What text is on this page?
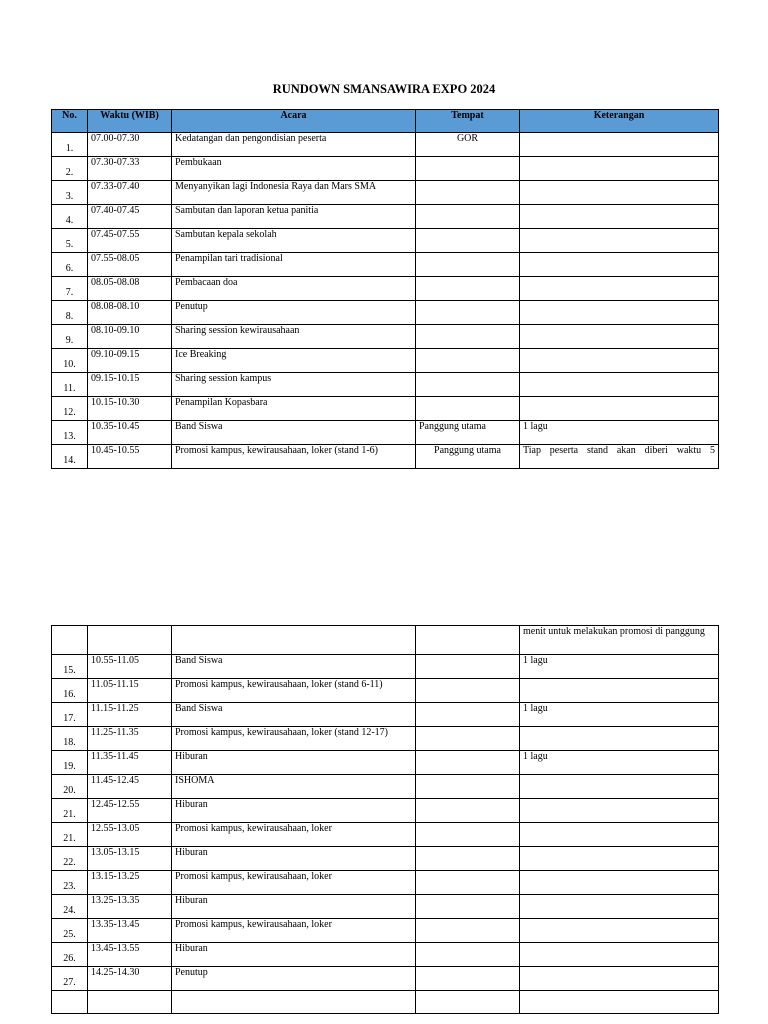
RUNDOWN SMANSAWIRA EXPO 2024
No.	Waktu (WIB)	Acara	Tempat	Keterangan
1.	07.00-07.30	Kedatangan dan pengondisian peserta	GOR	
2.	07.30-07.33	Pembukaan		
3.	07.33-07.40	Menyanyikan lagi Indonesia Raya dan Mars SMA		
4.	07.40-07.45	Sambutan dan laporan ketua panitia		
5.	07.45-07.55	Sambutan kepala sekolah		
6.	07.55-08.05	Penampilan tari tradisional		
7.	08.05-08.08	Pembacaan doa		
8.	08.08-08.10	Penutup		
9.	08.10-09.10	Sharing session kewirausahaan		
10.	09.10-09.15	Ice Breaking		
11.	09.15-10.15	Sharing session kampus		
12.	10.15-10.30	Penampilan Kopasbara		
13.	10.35-10.45	Band Siswa	Panggung utama	1 lagu
14.	10.45-10.55	Promosi kampus, kewirausahaan, loker (stand 1-6)	Panggung utama	Tiap peserta stand akan diberi waktu 5
				menit untuk melakukan promosi di panggung
15.	10.55-11.05	Band Siswa		1 lagu
16.	11.05-11.15	Promosi kampus, kewirausahaan, loker (stand 6-11)		
17.	11.15-11.25	Band Siswa		1 lagu
18.	11.25-11.35	Promosi kampus, kewirausahaan, loker (stand 12-17)		
19.	11.35-11.45	Hiburan		1 lagu
20.	11.45-12.45	ISHOMA		
21.	12.45-12.55	Hiburan		
21.	12.55-13.05	Promosi kampus, kewirausahaan, loker		
22.	13.05-13.15	Hiburan		
23.	13.15-13.25	Promosi kampus, kewirausahaan, loker		
24.	13.25-13.35	Hiburan		
25.	13.35-13.45	Promosi kampus, kewirausahaan, loker		
26.	13.45-13.55	Hiburan		
27.	14.25-14.30	Penutup		
